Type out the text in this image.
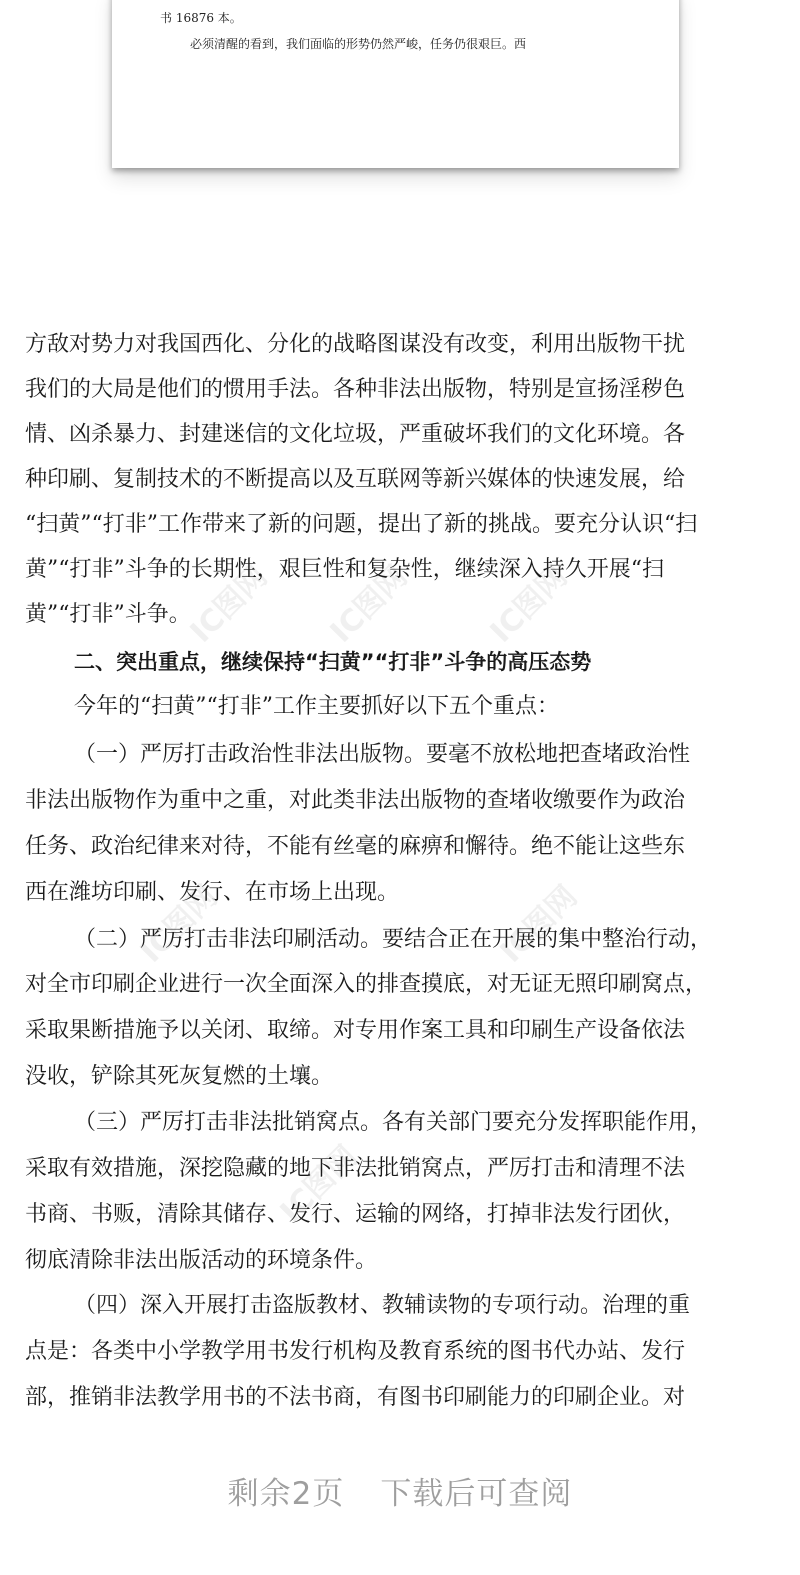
书 16876 本。
必须清醒的看到，我们面临的形势仍然严峻，任务仍很艰巨。西
IC图网 IC图网 IC图网
IC图网	IC图网
IC图网
方敌对势力对我国西化、分化的战略图谋没有改变，利用出版物干扰
我们的大局是他们的惯用手法。各种非法出版物，特别是宣扬淫秽色
情、凶杀暴力、封建迷信的文化垃圾，严重破坏我们的文化环境。各
种印刷、复制技术的不断提高以及互联网等新兴媒体的快速发展，给
“扫黄”“打非”工作带来了新的问题，提出了新的挑战。要充分认识“扫
黄”“打非”斗争的长期性，艰巨性和复杂性，继续深入持久开展“扫
黄”“打非”斗争。
二、突出重点，继续保持“扫黄”“打非”斗争的高压态势
今年的“扫黄”“打非”工作主要抓好以下五个重点：
（一）严厉打击政治性非法出版物。要毫不放松地把查堵政治性
非法出版物作为重中之重，对此类非法出版物的查堵收缴要作为政治
任务、政治纪律来对待，不能有丝毫的麻痹和懈待。绝不能让这些东
西在潍坊印刷、发行、在市场上出现。
（二）严厉打击非法印刷活动。要结合正在开展的集中整治行动，
对全市印刷企业进行一次全面深入的排查摸底，对无证无照印刷窝点，
采取果断措施予以关闭、取缔。对专用作案工具和印刷生产设备依法
没收，铲除其死灰复燃的土壤。
（三）严厉打击非法批销窝点。各有关部门要充分发挥职能作用，
采取有效措施，深挖隐藏的地下非法批销窝点，严厉打击和清理不法
书商、书贩，清除其储存、发行、运输的网络，打掉非法发行团伙，
彻底清除非法出版活动的环境条件。
（四）深入开展打击盗版教材、教辅读物的专项行动。治理的重
点是：各类中小学教学用书发行机构及教育系统的图书代办站、发行
部，推销非法教学用书的不法书商，有图书印刷能力的印刷企业。对
剩余2页 下载后可查阅
